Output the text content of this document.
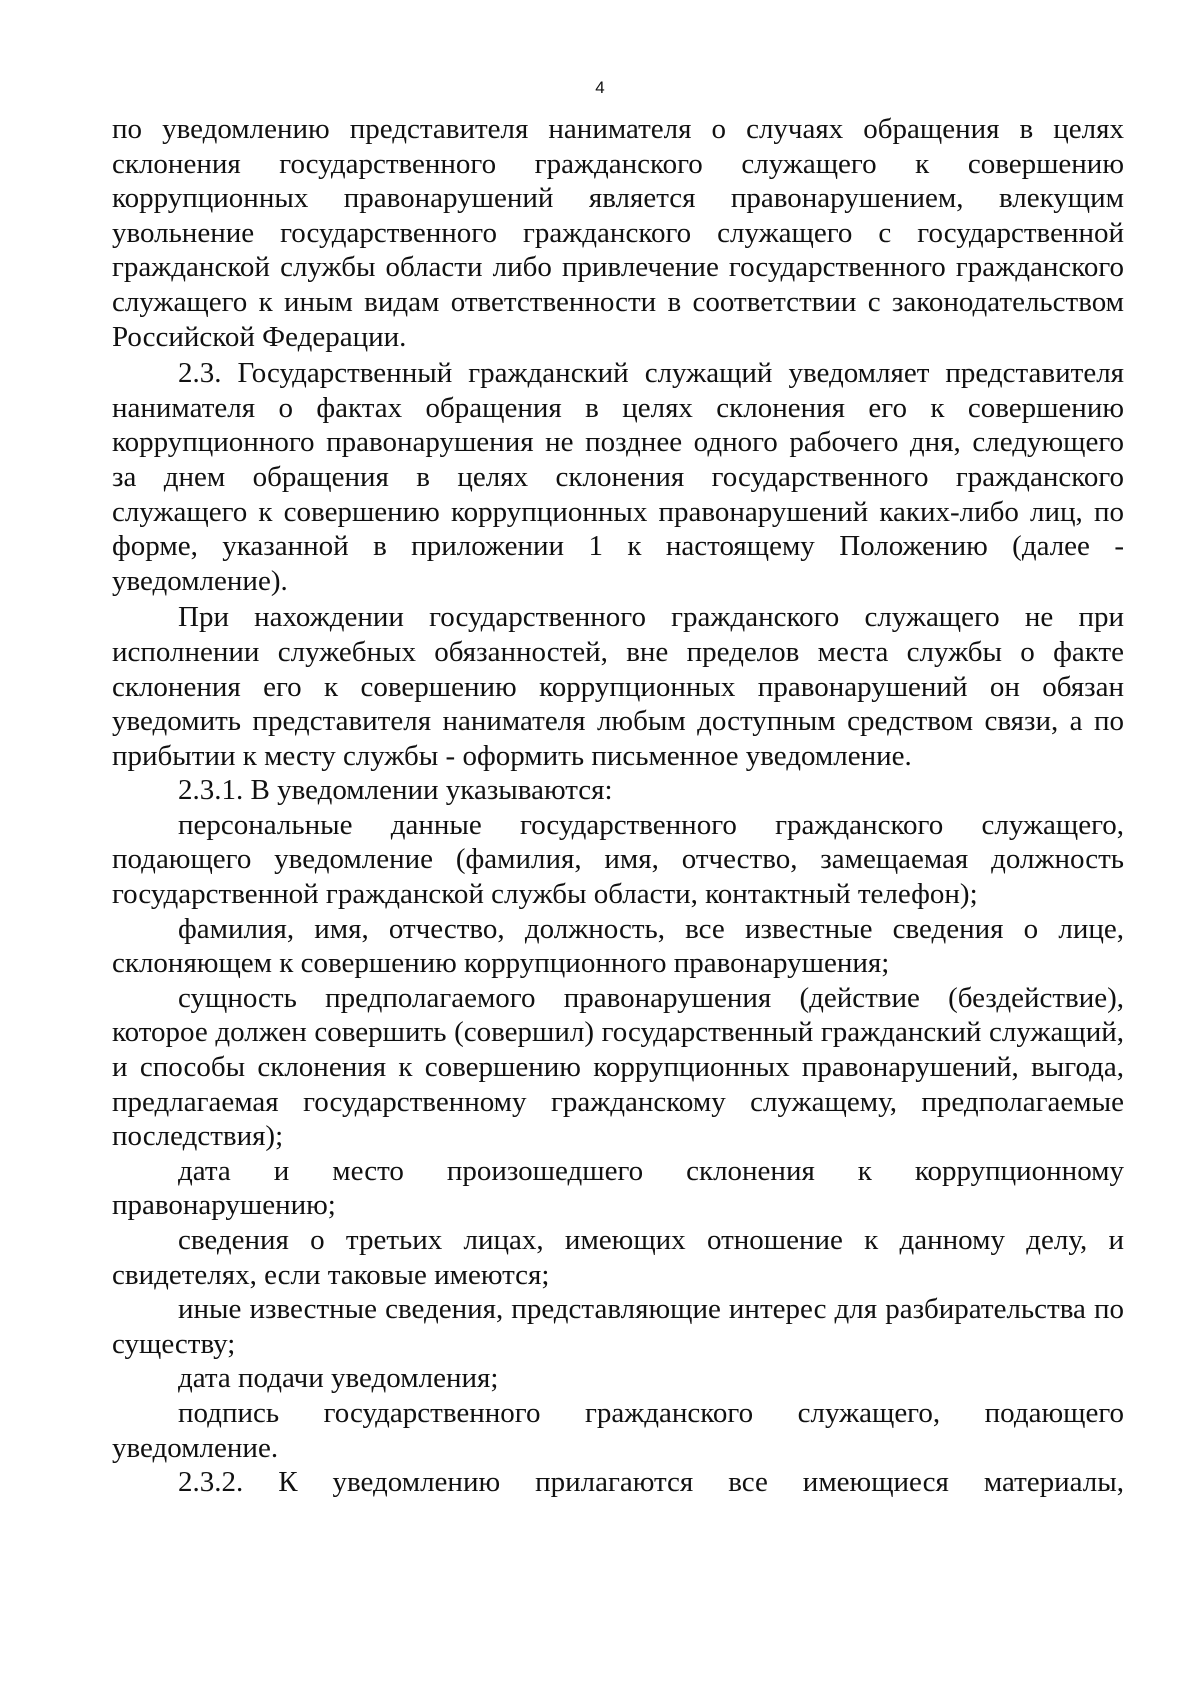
4

по уведомлению представителя нанимателя о случаях обращения в целях склонения государственного гражданского служащего к совершению коррупционных правонарушений является правонарушением, влекущим увольнение государственного гражданского служащего с государственной гражданской службы области либо привлечение государственного гражданского служащего к иным видам ответственности в соответствии с законодательством Российской Федерации.

2.3. Государственный гражданский служащий уведомляет представителя нанимателя о фактах обращения в целях склонения его к совершению коррупционного правонарушения не позднее одного рабочего дня, следующего за днем обращения в целях склонения государственного гражданского служащего к совершению коррупционных правонарушений каких-либо лиц, по форме, указанной в приложении 1 к настоящему Положению (далее - уведомление).

При нахождении государственного гражданского служащего не при исполнении служебных обязанностей, вне пределов места службы о факте склонения его к совершению коррупционных правонарушений он обязан уведомить представителя нанимателя любым доступным средством связи, а по прибытии к месту службы - оформить письменное уведомление.

2.3.1. В уведомлении указываются:

персональные данные государственного гражданского служащего, подающего уведомление (фамилия, имя, отчество, замещаемая должность государственной гражданской службы области, контактный телефон);

фамилия, имя, отчество, должность, все известные сведения о лице, склоняющем к совершению коррупционного правонарушения;

сущность предполагаемого правонарушения (действие (бездействие), которое должен совершить (совершил) государственный гражданский служащий, и способы склонения к совершению коррупционных правонарушений, выгода, предлагаемая государственному гражданскому служащему, предполагаемые последствия);

дата и место произошедшего склонения к коррупционному правонарушению;

сведения о третьих лицах, имеющих отношение к данному делу, и свидетелях, если таковые имеются;

иные известные сведения, представляющие интерес для разбирательства по существу;

дата подачи уведомления;

подпись государственного гражданского служащего, подающего уведомление.

2.3.2. К уведомлению прилагаются все имеющиеся материалы,
